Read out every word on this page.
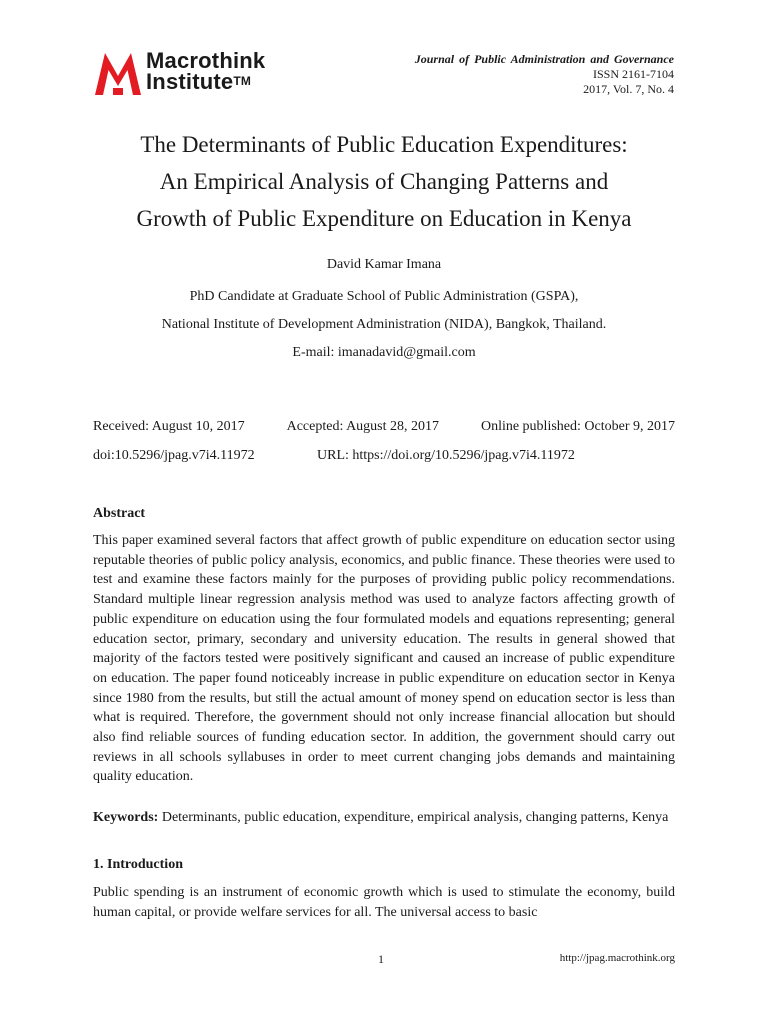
Macrothink
Institute™
Journal of Public Administration and Governance
ISSN 2161-7104
2017, Vol. 7, No. 4
The Determinants of Public Education Expenditures:
An Empirical Analysis of Changing Patterns and
Growth of Public Expenditure on Education in Kenya
David Kamar Imana
PhD Candidate at Graduate School of Public Administration (GSPA),
National Institute of Development Administration (NIDA), Bangkok, Thailand.
E-mail: imanadavid@gmail.com
Received: August 10, 2017	Accepted: August 28, 2017	Online published: October 9, 2017
doi:10.5296/jpag.v7i4.11972	URL: https://doi.org/10.5296/jpag.v7i4.11972
Abstract

This paper examined several factors that affect growth of public expenditure on education sector using reputable theories of public policy analysis, economics, and public finance. These theories were used to test and examine these factors mainly for the purposes of providing public policy recommendations. Standard multiple linear regression analysis method was used to analyze factors affecting growth of public expenditure on education using the four formulated models and equations representing; general education sector, primary, secondary and university education. The results in general showed that majority of the factors tested were positively significant and caused an increase of public expenditure on education. The paper found noticeably increase in public expenditure on education sector in Kenya since 1980 from the results, but still the actual amount of money spend on education sector is less than what is required. Therefore, the government should not only increase financial allocation but should also find reliable sources of funding education sector. In addition, the government should carry out reviews in all schools syllabuses in order to meet current changing jobs demands and maintaining quality education.

Keywords: Determinants, public education, expenditure, empirical analysis, changing patterns, Kenya

1. Introduction

Public spending is an instrument of economic growth which is used to stimulate the economy, build human capital, or provide welfare services for all. The universal access to basic

1	http://jpag.macrothink.org
